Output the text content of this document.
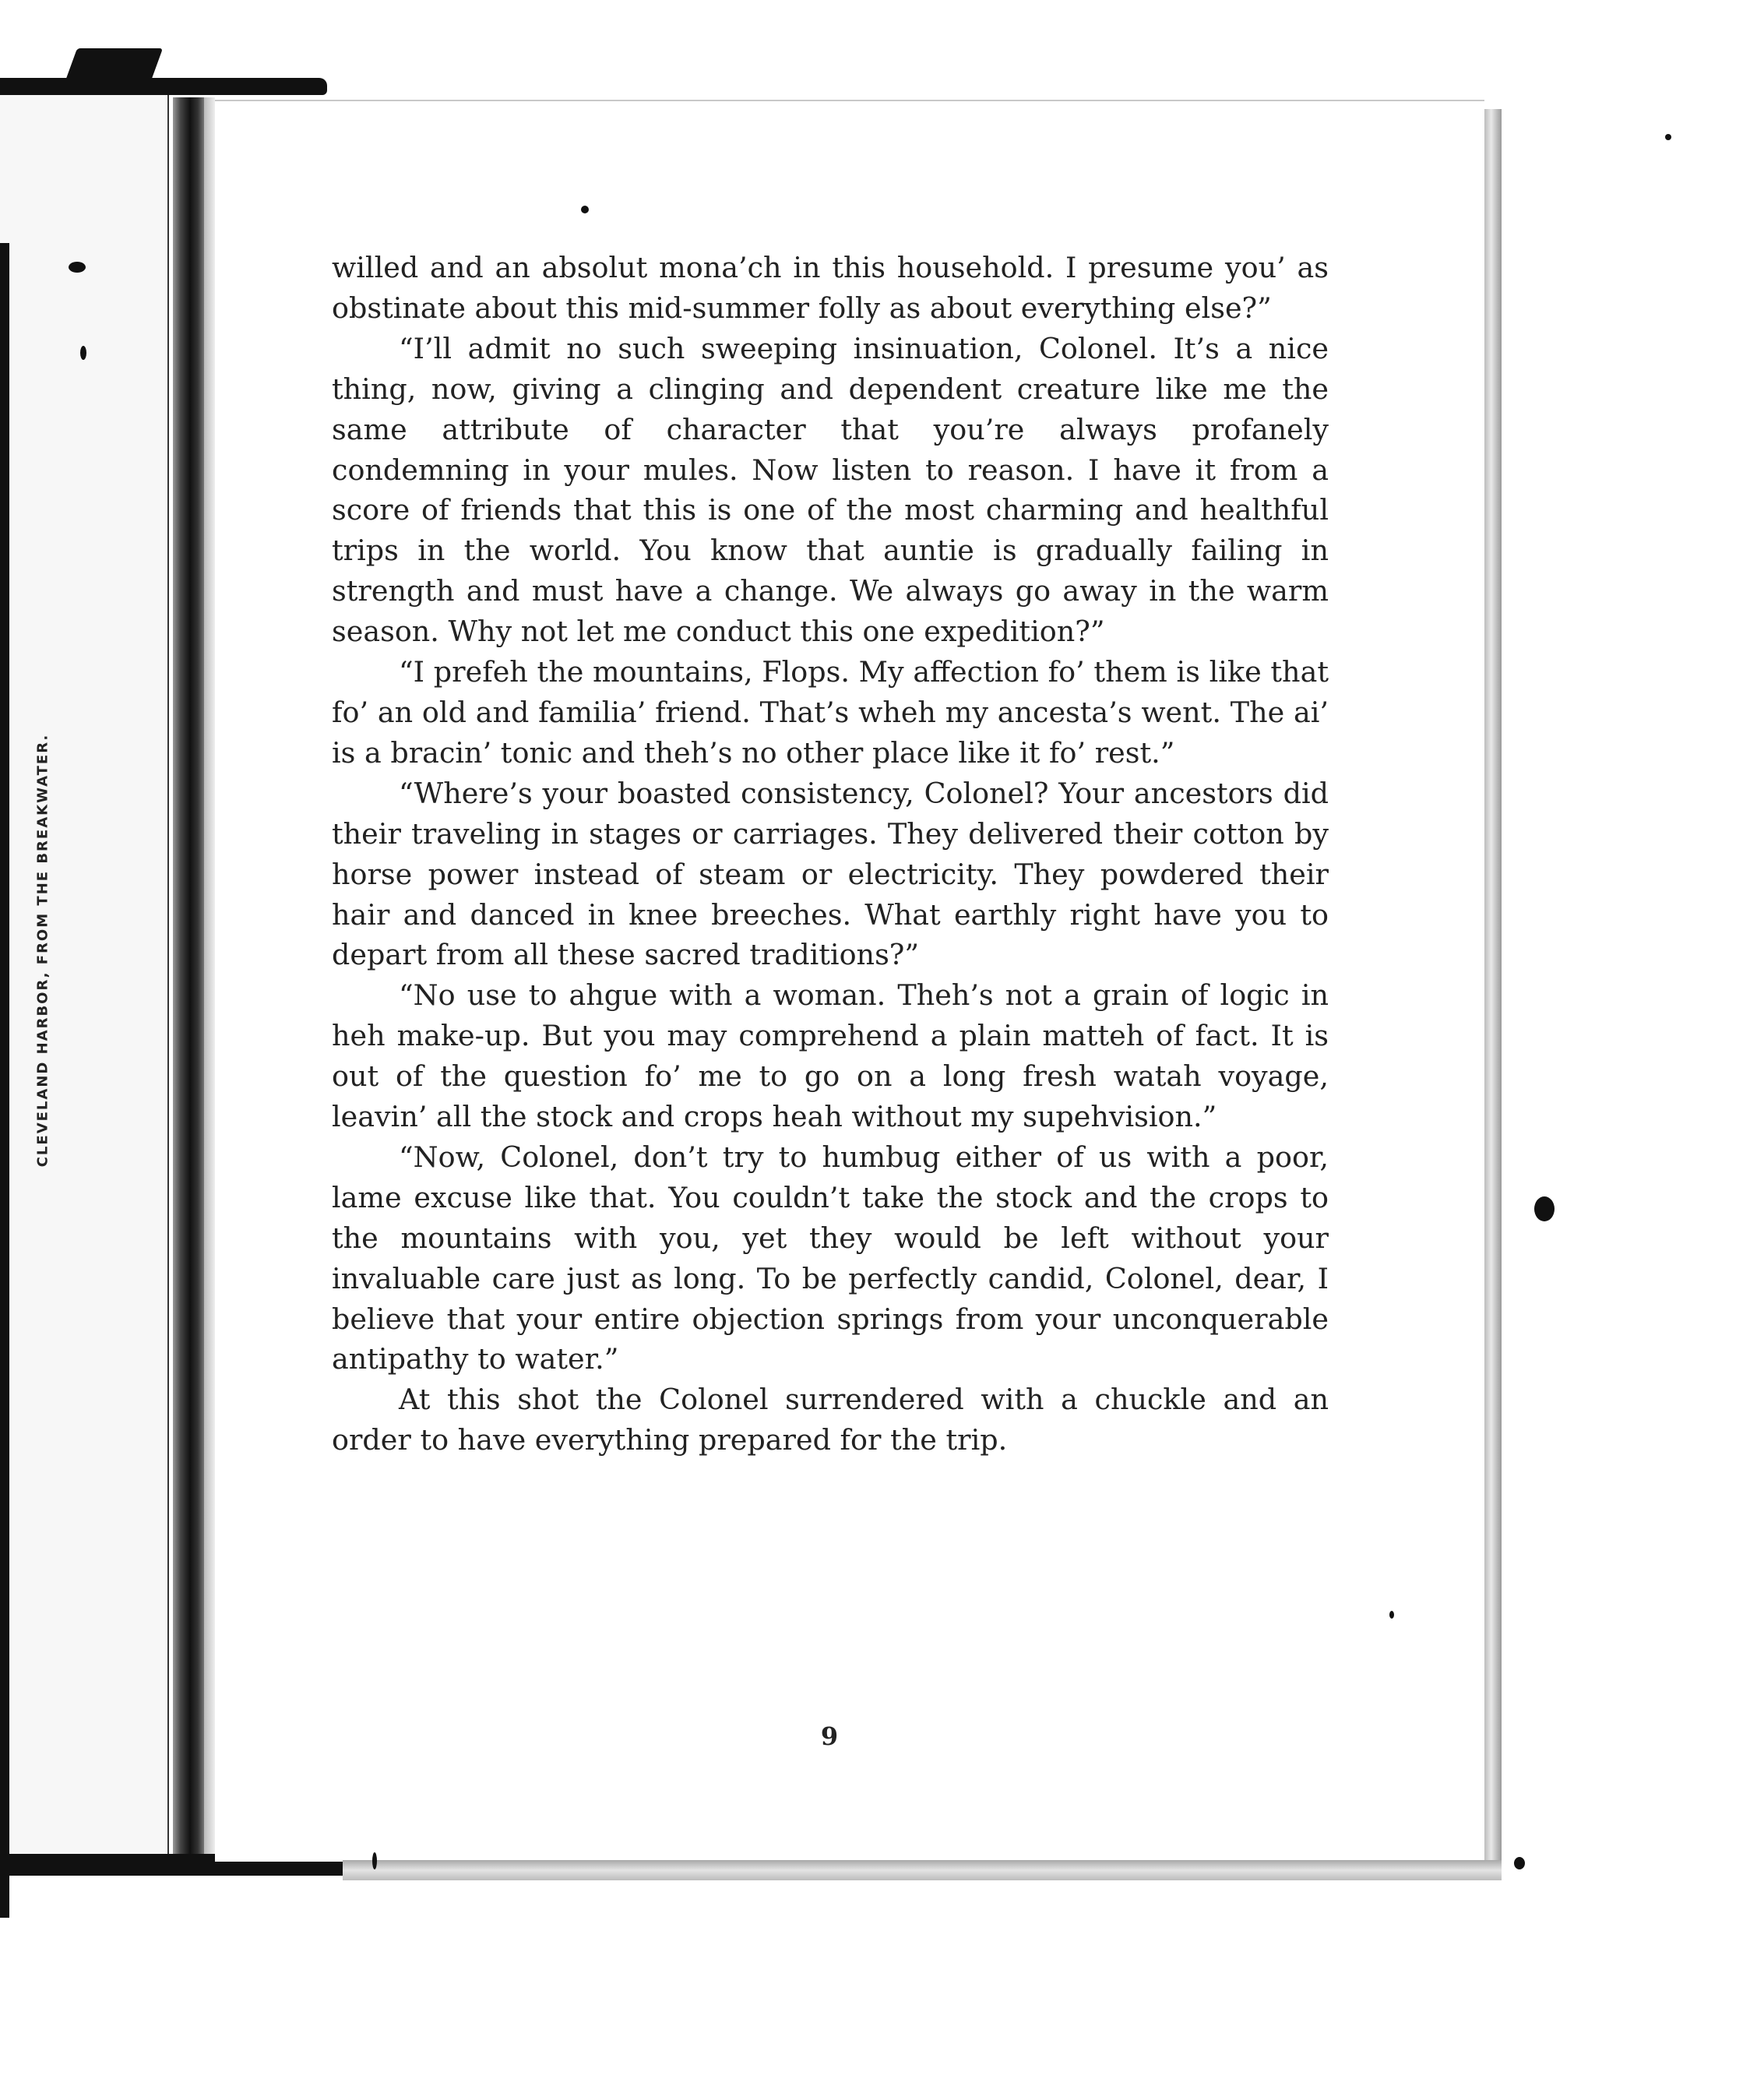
CLEVELAND HARBOR, FROM THE BREAKWATER.

willed and an absolut mona’ch in this household. I presume you’ as obstinate about this mid-summer folly as about everything else?”

“I’ll admit no such sweeping insinuation, Colonel. It’s a nice thing, now, giving a clinging and dependent creature like me the same attribute of character that you’re always profanely condemning in your mules. Now listen to reason. I have it from a score of friends that this is one of the most charming and healthful trips in the world. You know that auntie is gradually failing in strength and must have a change. We always go away in the warm season. Why not let me conduct this one expedition?”

“I prefeh the mountains, Flops. My affection fo’ them is like that fo’ an old and familia’ friend. That’s wheh my ancesta’s went. The ai’ is a bracin’ tonic and theh’s no other place like it fo’ rest.”

“Where’s your boasted consistency, Colonel? Your ancestors did their traveling in stages or carriages. They delivered their cotton by horse power instead of steam or electricity. They powdered their hair and danced in knee breeches. What earthly right have you to depart from all these sacred traditions?”

“No use to ahgue with a woman. Theh’s not a grain of logic in heh make-up. But you may comprehend a plain matteh of fact. It is out of the question fo’ me to go on a long fresh watah voyage, leavin’ all the stock and crops heah without my supehvision.”

“Now, Colonel, don’t try to humbug either of us with a poor, lame excuse like that. You couldn’t take the stock and the crops to the mountains with you, yet they would be left without your invaluable care just as long. To be perfectly candid, Colonel, dear, I believe that your entire objection springs from your unconquerable antipathy to water.”

At this shot the Colonel surrendered with a chuckle and an order to have everything prepared for the trip.

9
